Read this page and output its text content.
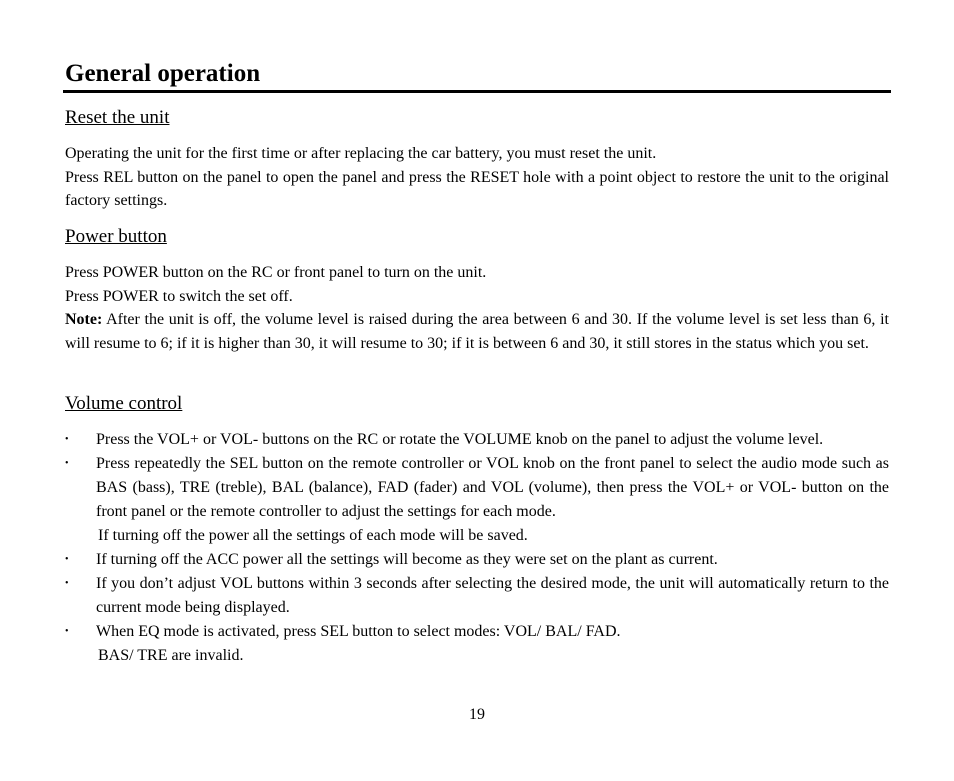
General operation
Reset the unit

Operating the unit for the first time or after replacing the car battery, you must reset the unit.
Press REL button on the panel to open the panel and press the RESET hole with a point object to restore the unit to the original factory settings.

Power button

Press POWER button on the RC or front panel to turn on the unit.
Press POWER to switch the set off.
Note: After the unit is off, the volume level is raised during the area between 6 and 30. If the volume level is set less than 6, it will resume to 6; if it is higher than 30, it will resume to 30; if it is between 6 and 30, it still stores in the status which you set.

Volume control
• Press the VOL+ or VOL- buttons on the RC or rotate the VOLUME knob on the panel to adjust the volume level.
• Press repeatedly the SEL button on the remote controller or VOL knob on the front panel to select the audio mode such as BAS (bass), TRE (treble), BAL (balance), FAD (fader) and VOL (volume), then press the VOL+ or VOL- button on the front panel or the remote controller to adjust the settings for each mode.
If turning off the power all the settings of each mode will be saved.
• If turning off the ACC power all the settings will become as they were set on the plant as current.
• If you don’t adjust VOL buttons within 3 seconds after selecting the desired mode, the unit will automatically return to the current mode being displayed.
• When EQ mode is activated, press SEL button to select modes: VOL/ BAL/ FAD.
BAS/ TRE are invalid.
19
